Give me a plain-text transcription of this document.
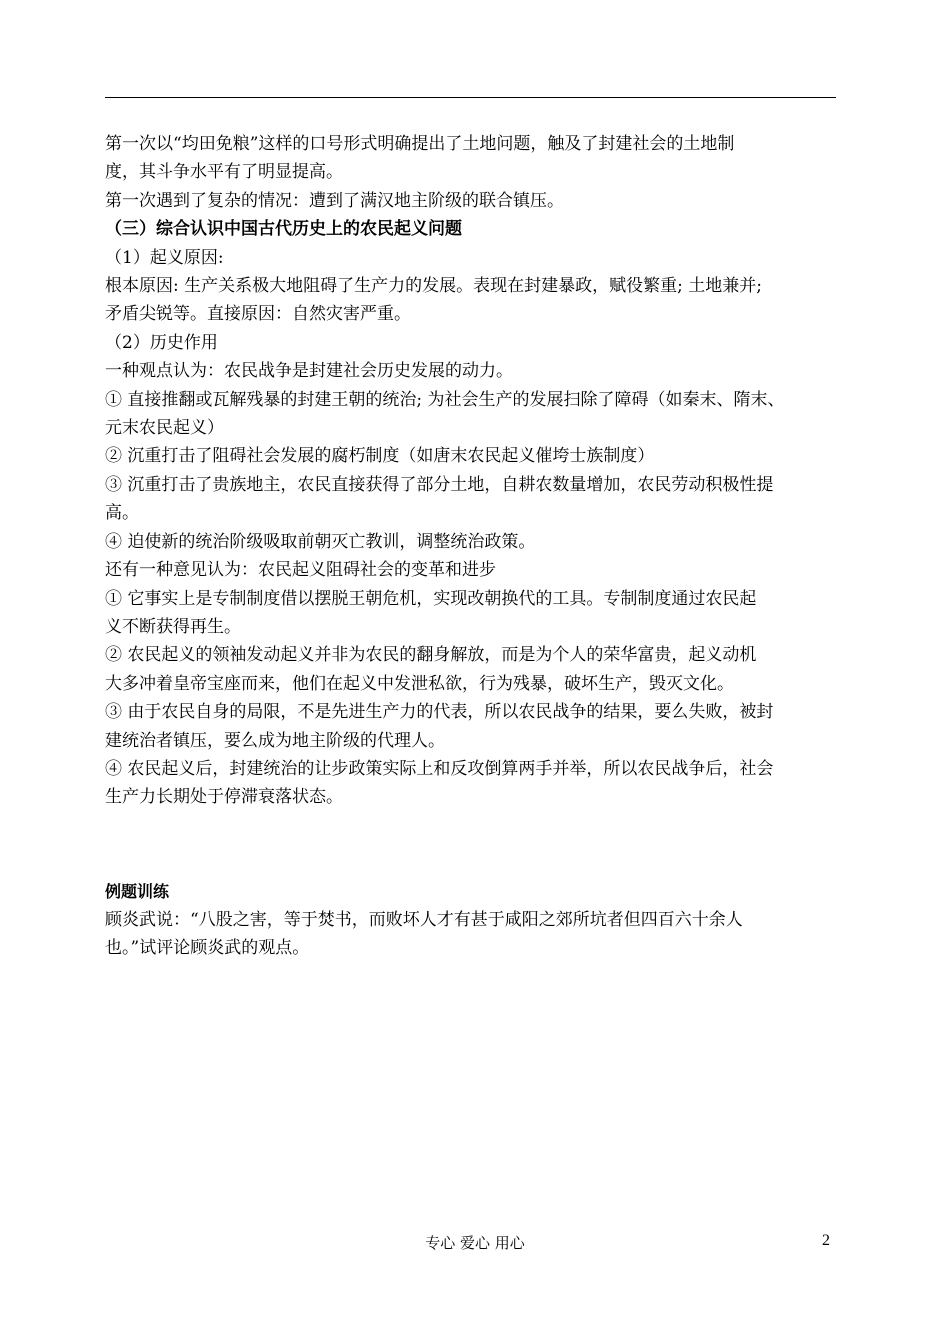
第一次以“均田免粮”这样的口号形式明确提出了土地问题，触及了封建社会的土地制
度，其斗争水平有了明显提高。
第一次遇到了复杂的情况：遭到了满汉地主阶级的联合镇压。
（三）综合认识中国古代历史上的农民起义问题
（1）起义原因:
根本原因: 生产关系极大地阻碍了生产力的发展。表现在封建暴政，赋役繁重; 土地兼并;
矛盾尖锐等。直接原因：自然灾害严重。
（2）历史作用
一种观点认为：农民战争是封建社会历史发展的动力。
① 直接推翻或瓦解残暴的封建王朝的统治; 为社会生产的发展扫除了障碍（如秦末、隋末、
元末农民起义）
② 沉重打击了阻碍社会发展的腐朽制度（如唐末农民起义催垮士族制度）
③ 沉重打击了贵族地主，农民直接获得了部分土地，自耕农数量增加，农民劳动积极性提
高。
④ 迫使新的统治阶级吸取前朝灭亡教训，调整统治政策。
还有一种意见认为：农民起义阻碍社会的变革和进步
① 它事实上是专制制度借以摆脱王朝危机，实现改朝换代的工具。专制制度通过农民起
义不断获得再生。
② 农民起义的领袖发动起义并非为农民的翻身解放，而是为个人的荣华富贵，起义动机
大多冲着皇帝宝座而来，他们在起义中发泄私欲，行为残暴，破坏生产，毁灭文化。
③ 由于农民自身的局限，不是先进生产力的代表，所以农民战争的结果，要么失败，被封
建统治者镇压，要么成为地主阶级的代理人。
④ 农民起义后，封建统治的让步政策实际上和反攻倒算两手并举，所以农民战争后，社会
生产力长期处于停滞衰落状态。
例题训练
顾炎武说：“八股之害，等于焚书，而败坏人才有甚于咸阳之郊所坑者但四百六十余人
也。”试评论顾炎武的观点。
专心 爱心 用心	2
